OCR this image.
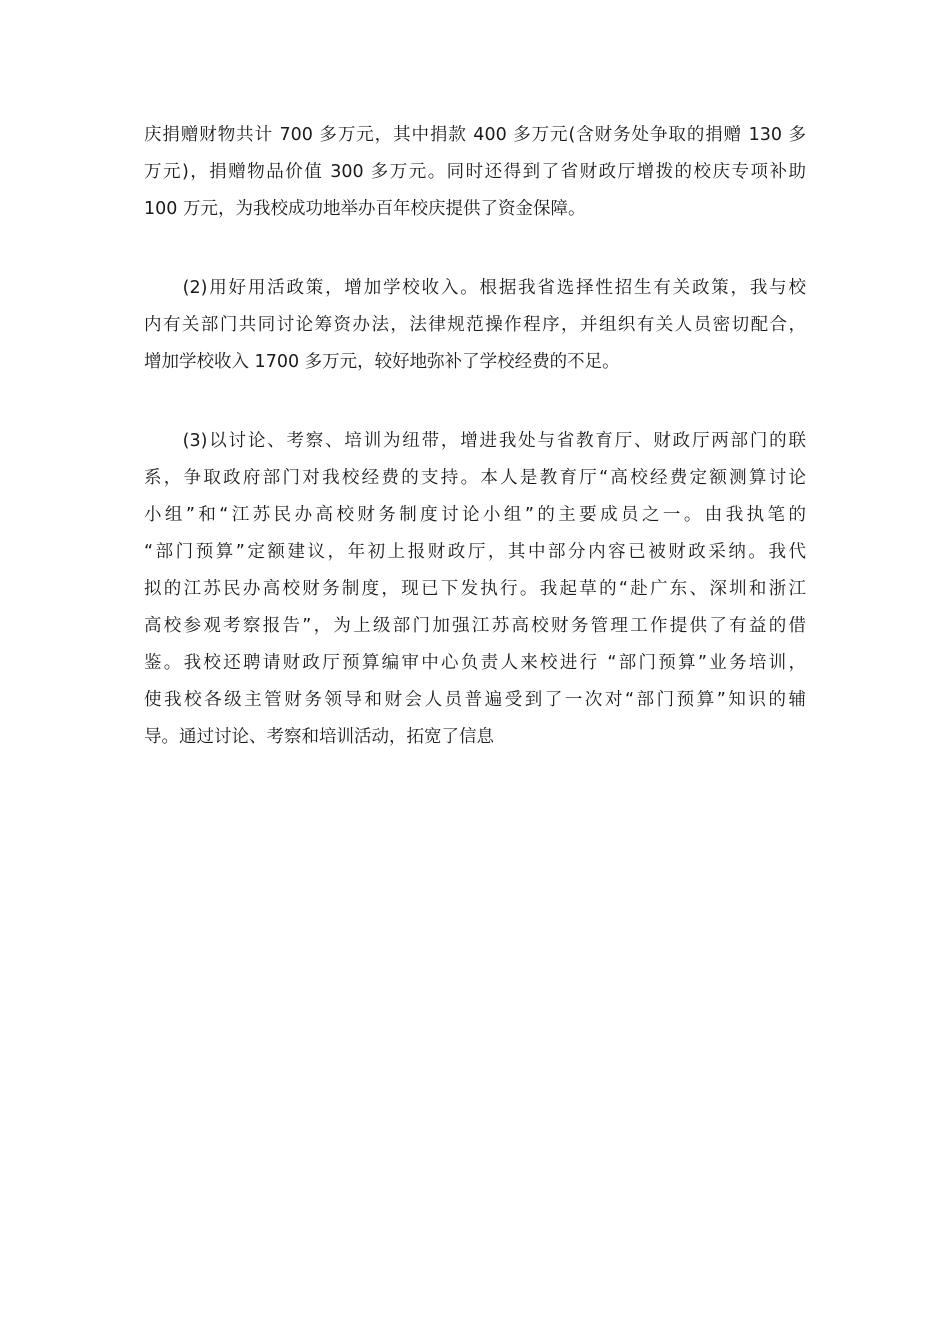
庆捐赠财物共计 700 多万元，其中捐款 400 多万元(含财务处争取的捐赠 130 多
万元)，捐赠物品价值 300 多万元。同时还得到了省财政厅增拨的校庆专项补助
100 万元，为我校成功地举办百年校庆提供了资金保障。
　　(2)用好用活政策，增加学校收入。根据我省选择性招生有关政策，我与校
内有关部门共同讨论筹资办法，法律规范操作程序，并组织有关人员密切配合，
增加学校收入 1700 多万元，较好地弥补了学校经费的不足。
　　(3)以讨论、考察、培训为纽带，增进我处与省教育厅、财政厅两部门的联
系，争取政府部门对我校经费的支持。本人是教育厅“高校经费定额测算讨论
小组”和“江苏民办高校财务制度讨论小组”的主要成员之一。由我执笔的
“部门预算”定额建议，年初上报财政厅，其中部分内容已被财政采纳。我代
拟的江苏民办高校财务制度，现已下发执行。我起草的“赴广东、深圳和浙江
高校参观考察报告”，为上级部门加强江苏高校财务管理工作提供了有益的借
鉴。我校还聘请财政厅预算编审中心负责人来校进行 “部门预算”业务培训，
使我校各级主管财务领导和财会人员普遍受到了一次对“部门预算”知识的辅
导。通过讨论、考察和培训活动，拓宽了信息
